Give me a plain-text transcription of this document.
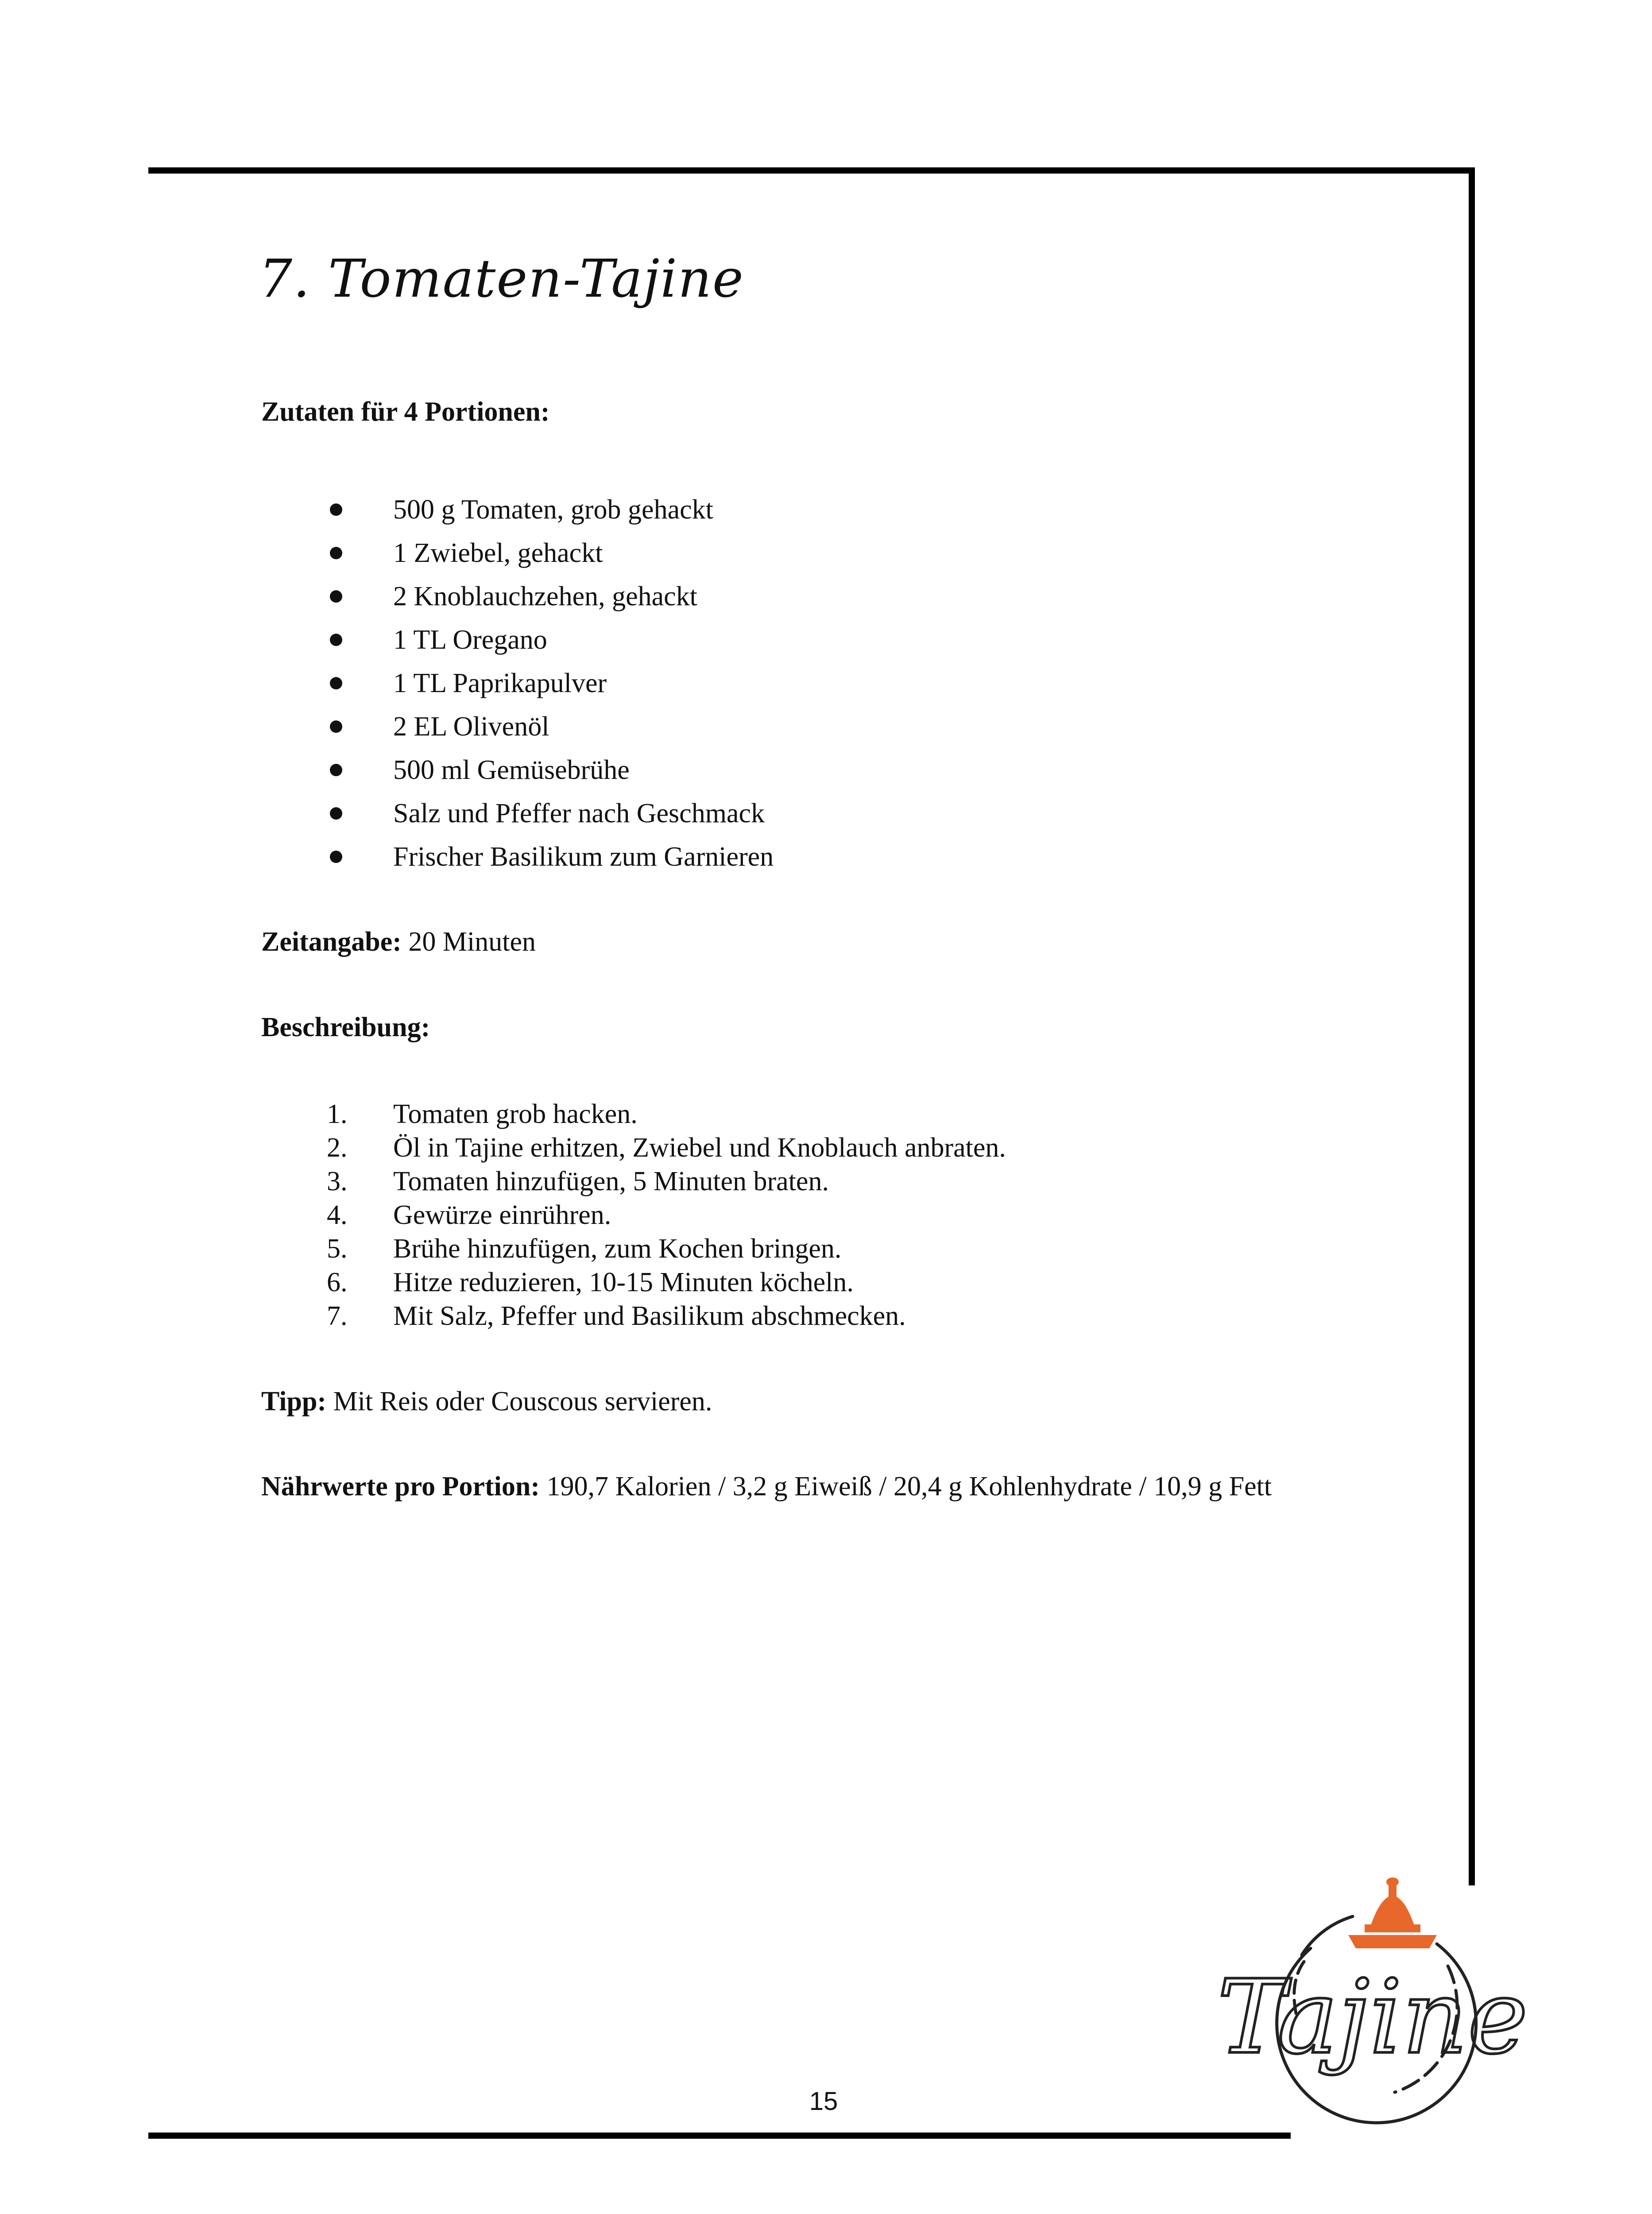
7. Tomaten-Tajine
Zutaten für 4 Portionen:
500 g Tomaten, grob gehackt
1 Zwiebel, gehackt
2 Knoblauchzehen, gehackt
1 TL Oregano
1 TL Paprikapulver
2 EL Olivenöl
500 ml Gemüsebrühe
Salz und Pfeffer nach Geschmack
Frischer Basilikum zum Garnieren
Zeitangabe: 20 Minuten
Beschreibung:
1. Tomaten grob hacken.
2. Öl in Tajine erhitzen, Zwiebel und Knoblauch anbraten.
3. Tomaten hinzufügen, 5 Minuten braten.
4. Gewürze einrühren.
5. Brühe hinzufügen, zum Kochen bringen.
6. Hitze reduzieren, 10-15 Minuten köcheln.
7. Mit Salz, Pfeffer und Basilikum abschmecken.
Tipp: Mit Reis oder Couscous servieren.
Nährwerte pro Portion: 190,7 Kalorien / 3,2 g Eiweiß / 20,4 g Kohlenhydrate / 10,9 g Fett
15
Tajine
